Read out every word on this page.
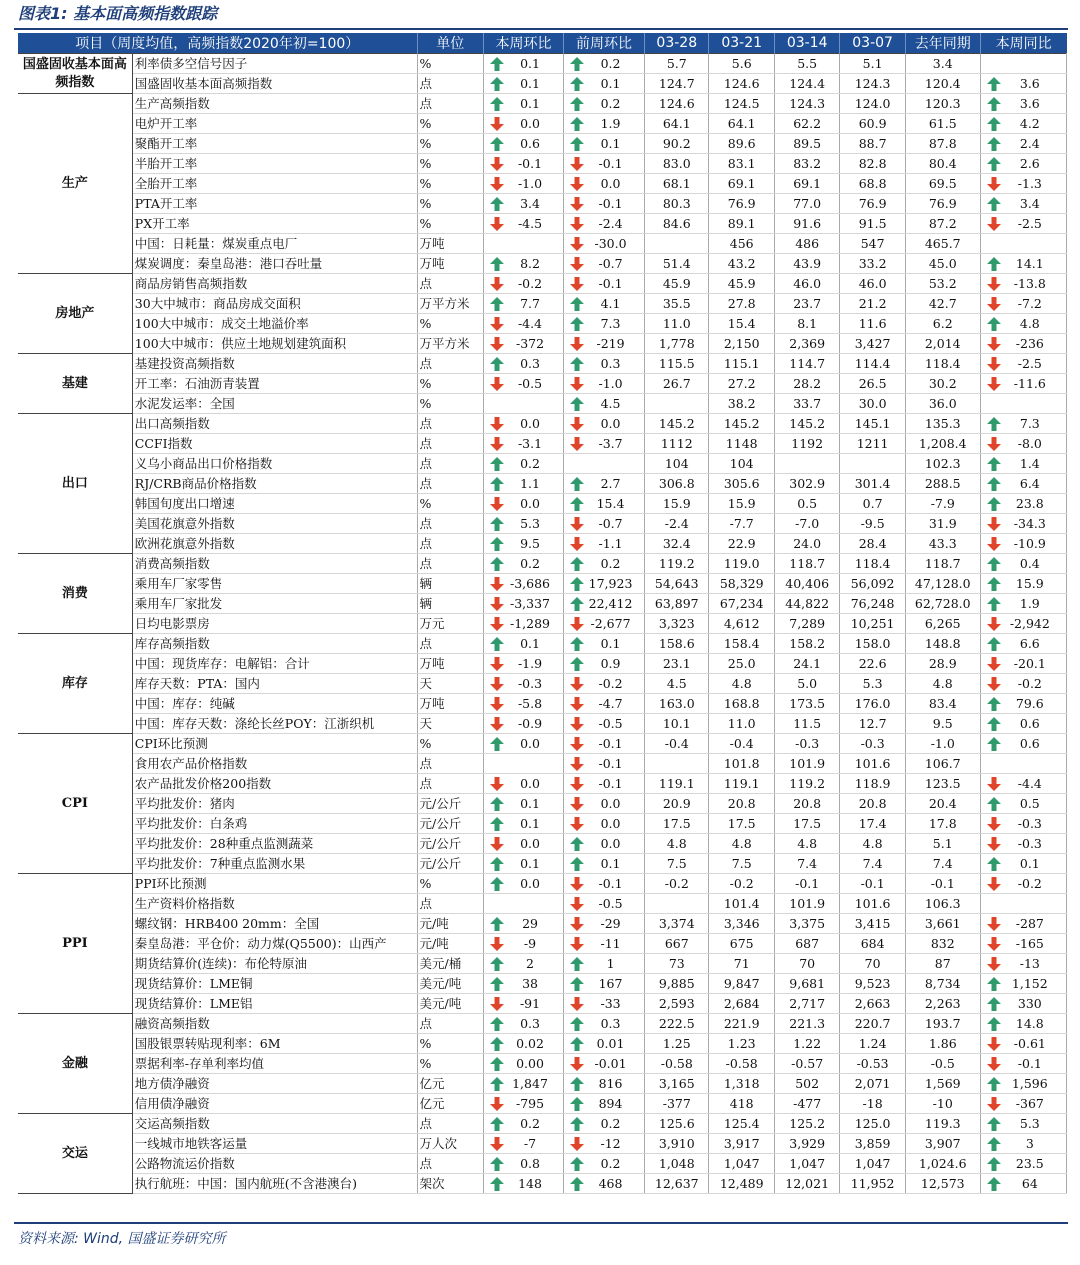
图表1: 基本面高频指数跟踪
项目（周度均值，高频指数2020年初=100）		单位	本周环比	前周环比	03-28	03-21	03-14	03-07	去年同期	本周同比
国盛固收基本面高频指数	利率债多空信号因子	%	0.1	0.2	5.7	5.6	5.5	5.1	3.4	

	国盛固收基本面高频指数	点	0.1	0.1	124.7	124.6	124.4	124.3	120.4	3.6

生产	生产高频指数	点	0.1	0.2	124.6	124.5	124.3	124.0	120.3	3.6

	电炉开工率	%	0.0	1.9	64.1	64.1	62.2	60.9	61.5	4.2

	聚酯开工率	%	0.6	0.1	90.2	89.6	89.5	88.7	87.8	2.4

	半胎开工率	%	-0.1	-0.1	83.0	83.1	83.2	82.8	80.4	2.6

	全胎开工率	%	-1.0	0.0	68.1	69.1	69.1	68.8	69.5	-1.3

	PTA开工率	%	3.4	-0.1	80.3	76.9	77.0	76.9	76.9	3.4

	PX开工率	%	-4.5	-2.4	84.6	89.1	91.6	91.5	87.2	-2.5

	中国：日耗量：煤炭重点电厂	万吨		-30.0		456	486	547	465.7	

	煤炭调度：秦皇岛港：港口吞吐量	万吨	8.2	-0.7	51.4	43.2	43.9	33.2	45.0	14.1

房地产	商品房销售高频指数	点	-0.2	-0.1	45.9	45.9	46.0	46.0	53.2	-13.8

	30大中城市：商品房成交面积	万平方米	7.7	4.1	35.5	27.8	23.7	21.2	42.7	-7.2

	100大中城市：成交土地溢价率	%	-4.4	7.3	11.0	15.4	8.1	11.6	6.2	4.8

	100大中城市：供应土地规划建筑面积	万平方米	-372	-219	1,778	2,150	2,369	3,427	2,014	-236

基建	基建投资高频指数	点	0.3	0.3	115.5	115.1	114.7	114.4	118.4	-2.5

	开工率：石油沥青装置	%	-0.5	-1.0	26.7	27.2	28.2	26.5	30.2	-11.6

	水泥发运率：全国	%		4.5		38.2	33.7	30.0	36.0	

出口	出口高频指数	点	0.0	0.0	145.2	145.2	145.2	145.1	135.3	7.3

	CCFI指数	点	-3.1	-3.7	1112	1148	1192	1211	1,208.4	-8.0

	义乌小商品出口价格指数	点	0.2		104	104			102.3	1.4

	RJ/CRB商品价格指数	点	1.1	2.7	306.8	305.6	302.9	301.4	288.5	6.4

	韩国旬度出口增速	%	0.0	15.4	15.9	15.9	0.5	0.7	-7.9	23.8

	美国花旗意外指数	点	5.3	-0.7	-2.4	-7.7	-7.0	-9.5	31.9	-34.3

	欧洲花旗意外指数	点	9.5	-1.1	32.4	22.9	24.0	28.4	43.3	-10.9

消费	消费高频指数	点	0.2	0.2	119.2	119.0	118.7	118.4	118.7	0.4

	乘用车厂家零售	辆	-3,686	17,923	54,643	58,329	40,406	56,092	47,128.0	15.9

	乘用车厂家批发	辆	-3,337	22,412	63,897	67,234	44,822	76,248	62,728.0	1.9

	日均电影票房	万元	-1,289	-2,677	3,323	4,612	7,289	10,251	6,265	-2,942

库存	库存高频指数	点	0.1	0.1	158.6	158.4	158.2	158.0	148.8	6.6

	中国：现货库存：电解铝：合计	万吨	-1.9	0.9	23.1	25.0	24.1	22.6	28.9	-20.1

	库存天数：PTA：国内	天	-0.3	-0.2	4.5	4.8	5.0	5.3	4.8	-0.2

	中国：库存：纯碱	万吨	-5.8	-4.7	163.0	168.8	173.5	176.0	83.4	79.6

	中国：库存天数：涤纶长丝POY：江浙织机	天	-0.9	-0.5	10.1	11.0	11.5	12.7	9.5	0.6

CPI	CPI环比预测	%	0.0	-0.1	-0.4	-0.4	-0.3	-0.3	-1.0	0.6

	食用农产品价格指数	点		-0.1		101.8	101.9	101.6	106.7	

	农产品批发价格200指数	点	0.0	-0.1	119.1	119.1	119.2	118.9	123.5	-4.4

	平均批发价：猪肉	元/公斤	0.1	0.0	20.9	20.8	20.8	20.8	20.4	0.5

	平均批发价：白条鸡	元/公斤	0.1	0.0	17.5	17.5	17.5	17.4	17.8	-0.3

	平均批发价：28种重点监测蔬菜	元/公斤	0.0	0.0	4.8	4.8	4.8	4.8	5.1	-0.3

	平均批发价：7种重点监测水果	元/公斤	0.1	0.1	7.5	7.5	7.4	7.4	7.4	0.1

PPI	PPI环比预测	%	0.0	-0.1	-0.2	-0.2	-0.1	-0.1	-0.1	-0.2

	生产资料价格指数	点		-0.5		101.4	101.9	101.6	106.3	

	螺纹钢：HRB400 20mm：全国	元/吨	29	-29	3,374	3,346	3,375	3,415	3,661	-287

	秦皇岛港：平仓价：动力煤(Q5500)：山西产	元/吨	-9	-11	667	675	687	684	832	-165

	期货结算价(连续)：布伦特原油	美元/桶	2	1	73	71	70	70	87	-13

	现货结算价：LME铜	美元/吨	38	167	9,885	9,847	9,681	9,523	8,734	1,152

	现货结算价：LME铝	美元/吨	-91	-33	2,593	2,684	2,717	2,663	2,263	330

金融	融资高频指数	点	0.3	0.3	222.5	221.9	221.3	220.7	193.7	14.8

	国股银票转贴现利率：6M	%	0.02	0.01	1.25	1.23	1.22	1.24	1.86	-0.61

	票据利率-存单利率均值	%	0.00	-0.01	-0.58	-0.58	-0.57	-0.53	-0.5	-0.1

	地方债净融资	亿元	1,847	816	3,165	1,318	502	2,071	1,569	1,596

	信用债净融资	亿元	-795	894	-377	418	-477	-18	-10	-367

交运	交运高频指数	点	0.2	0.2	125.6	125.4	125.2	125.0	119.3	5.3

	一线城市地铁客运量	万人次	-7	-12	3,910	3,917	3,929	3,859	3,907	3

	公路物流运价指数	点	0.8	0.2	1,048	1,047	1,047	1,047	1,024.6	23.5

	执行航班：中国：国内航班(不含港澳台)	架次	148	468	12,637	12,489	12,021	11,952	12,573	64
资料来源: Wind, 国盛证券研究所
